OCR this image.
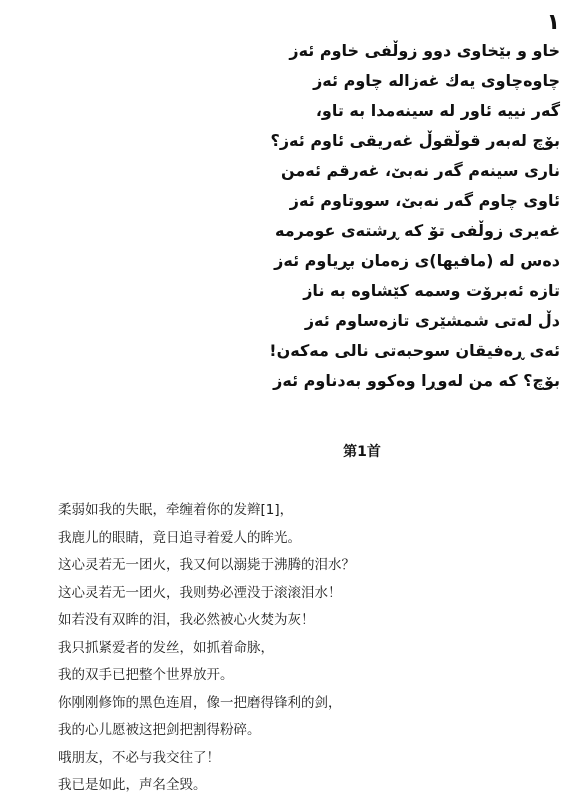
١
خاو و بێخاوی دوو زوڵفی خاوم ئەز
چاوەچاوی یەك غەزالە چاوم ئەز
گەر نییە ئاور لە سینەمدا بە تاو،
بۆچ لەبەر قوڵقوڵ غەریقی ئاوم ئەز؟
ناری سینەم گەر نەبێ، غەرقم ئەمن
ئاوی چاوم گەر نەبێ، سووتاوم ئەز
غەیری زوڵفی تۆ کە ڕشتەی عومرمە
دەس لە (مافیها)ی زەمان بڕیاوم ئەز
تازە ئەبرۆت وسمە کێشاوە بە ناز
دڵ لەتی شمشێری تازەساوم ئەز
ئەی ڕەفیقان سوحبەتی نالی مەکەن!
بۆچ؟ کە من لەوڕا وەکوو بەدناوم ئەز
第1首
柔弱如我的失眠，牵缠着你的发辫[1]，
我鹿儿的眼睛，竟日追寻着爱人的眸光。
这心灵若无一团火，我又何以溺毙于沸腾的泪水？
这心灵若无一团火，我则势必湮没于滚滚泪水！
如若没有双眸的泪，我必然被心火焚为灰！
我只抓紧爱者的发丝，如抓着命脉，
我的双手已把整个世界放开。
你刚刚修饰的黑色连眉，像一把磨得锋利的剑，
我的心儿愿被这把剑把割得粉碎。
哦朋友，不必与我交往了！
我已是如此，声名全毁。
